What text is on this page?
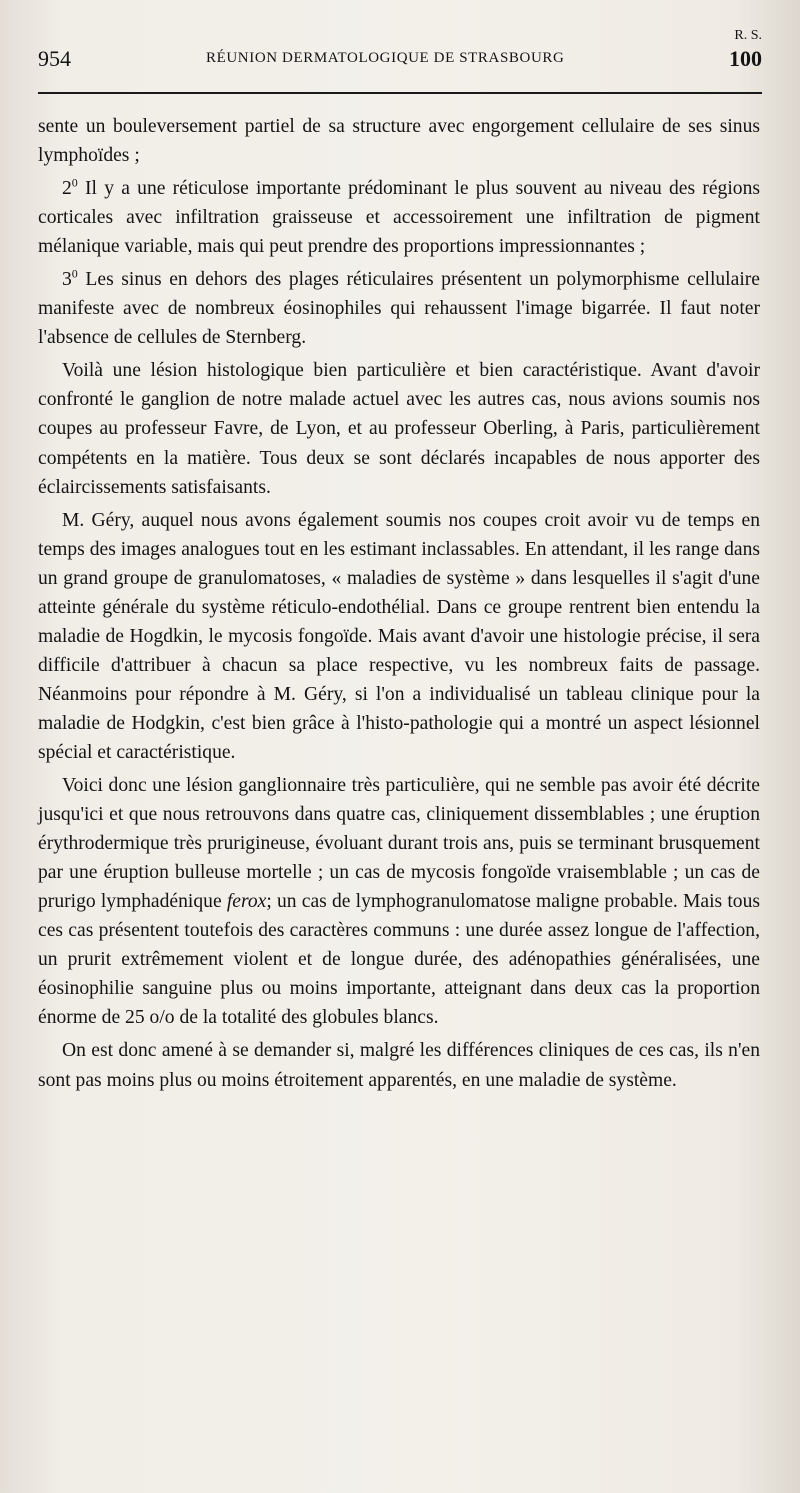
954	RÉUNION DERMATOLOGIQUE DE STRASBOURG
R. S.
100

sente un bouleversement partiel de sa structure avec engorgement cellulaire de ses sinus lymphoïdes ;

$2^0$ Il y a une réticulose importante prédominant le plus souvent au niveau des régions corticales avec infiltration graisseuse et accessoirement une infiltration de pigment mélanique variable, mais qui peut prendre des proportions impressionnantes ;

$3^0$ Les sinus en dehors des plages réticulaires présentent un polymorphisme cellulaire manifeste avec de nombreux éosinophiles qui rehaussent l'image bigarrée. Il faut noter l'absence de cellules de Sternberg.

Voilà une lésion histologique bien particulière et bien caractéristique. Avant d'avoir confronté le ganglion de notre malade actuel avec les autres cas, nous avions soumis nos coupes au professeur Favre, de Lyon, et au professeur Oberling, à Paris, particulièrement compétents en la matière. Tous deux se sont déclarés incapables de nous apporter des éclaircissements satisfaisants.

M. Géry, auquel nous avons également soumis nos coupes croit avoir vu de temps en temps des images analogues tout en les estimant inclassables. En attendant, il les range dans un grand groupe de granulomatoses, « maladies de système » dans lesquelles il s'agit d'une atteinte générale du système réticulo-endothélial. Dans ce groupe rentrent bien entendu la maladie de Hogdkin, le mycosis fongoïde. Mais avant d'avoir une histologie précise, il sera difficile d'attribuer à chacun sa place respective, vu les nombreux faits de passage. Néanmoins pour répondre à M. Géry, si l'on a individualisé un tableau clinique pour la maladie de Hodgkin, c'est bien grâce à l'histo-pathologie qui a montré un aspect lésionnel spécial et caractéristique.

Voici donc une lésion ganglionnaire très particulière, qui ne semble pas avoir été décrite jusqu'ici et que nous retrouvons dans quatre cas, cliniquement dissemblables ; une éruption érythrodermique très prurigineuse, évoluant durant trois ans, puis se terminant brusquement par une éruption bulleuse mortelle ; un cas de mycosis fongoïde vraisemblable ; un cas de prurigo lymphadénique ferox; un cas de lymphogranulomatose maligne probable. Mais tous ces cas présentent toutefois des caractères communs : une durée assez longue de l'affection, un prurit extrêmement violent et de longue durée, des adénopathies généralisées, une éosinophilie sanguine plus ou moins importante, atteignant dans deux cas la proportion énorme de 25 o/o de la totalité des globules blancs.

On est donc amené à se demander si, malgré les différences cliniques de ces cas, ils n'en sont pas moins plus ou moins étroitement apparentés, en une maladie de système.
